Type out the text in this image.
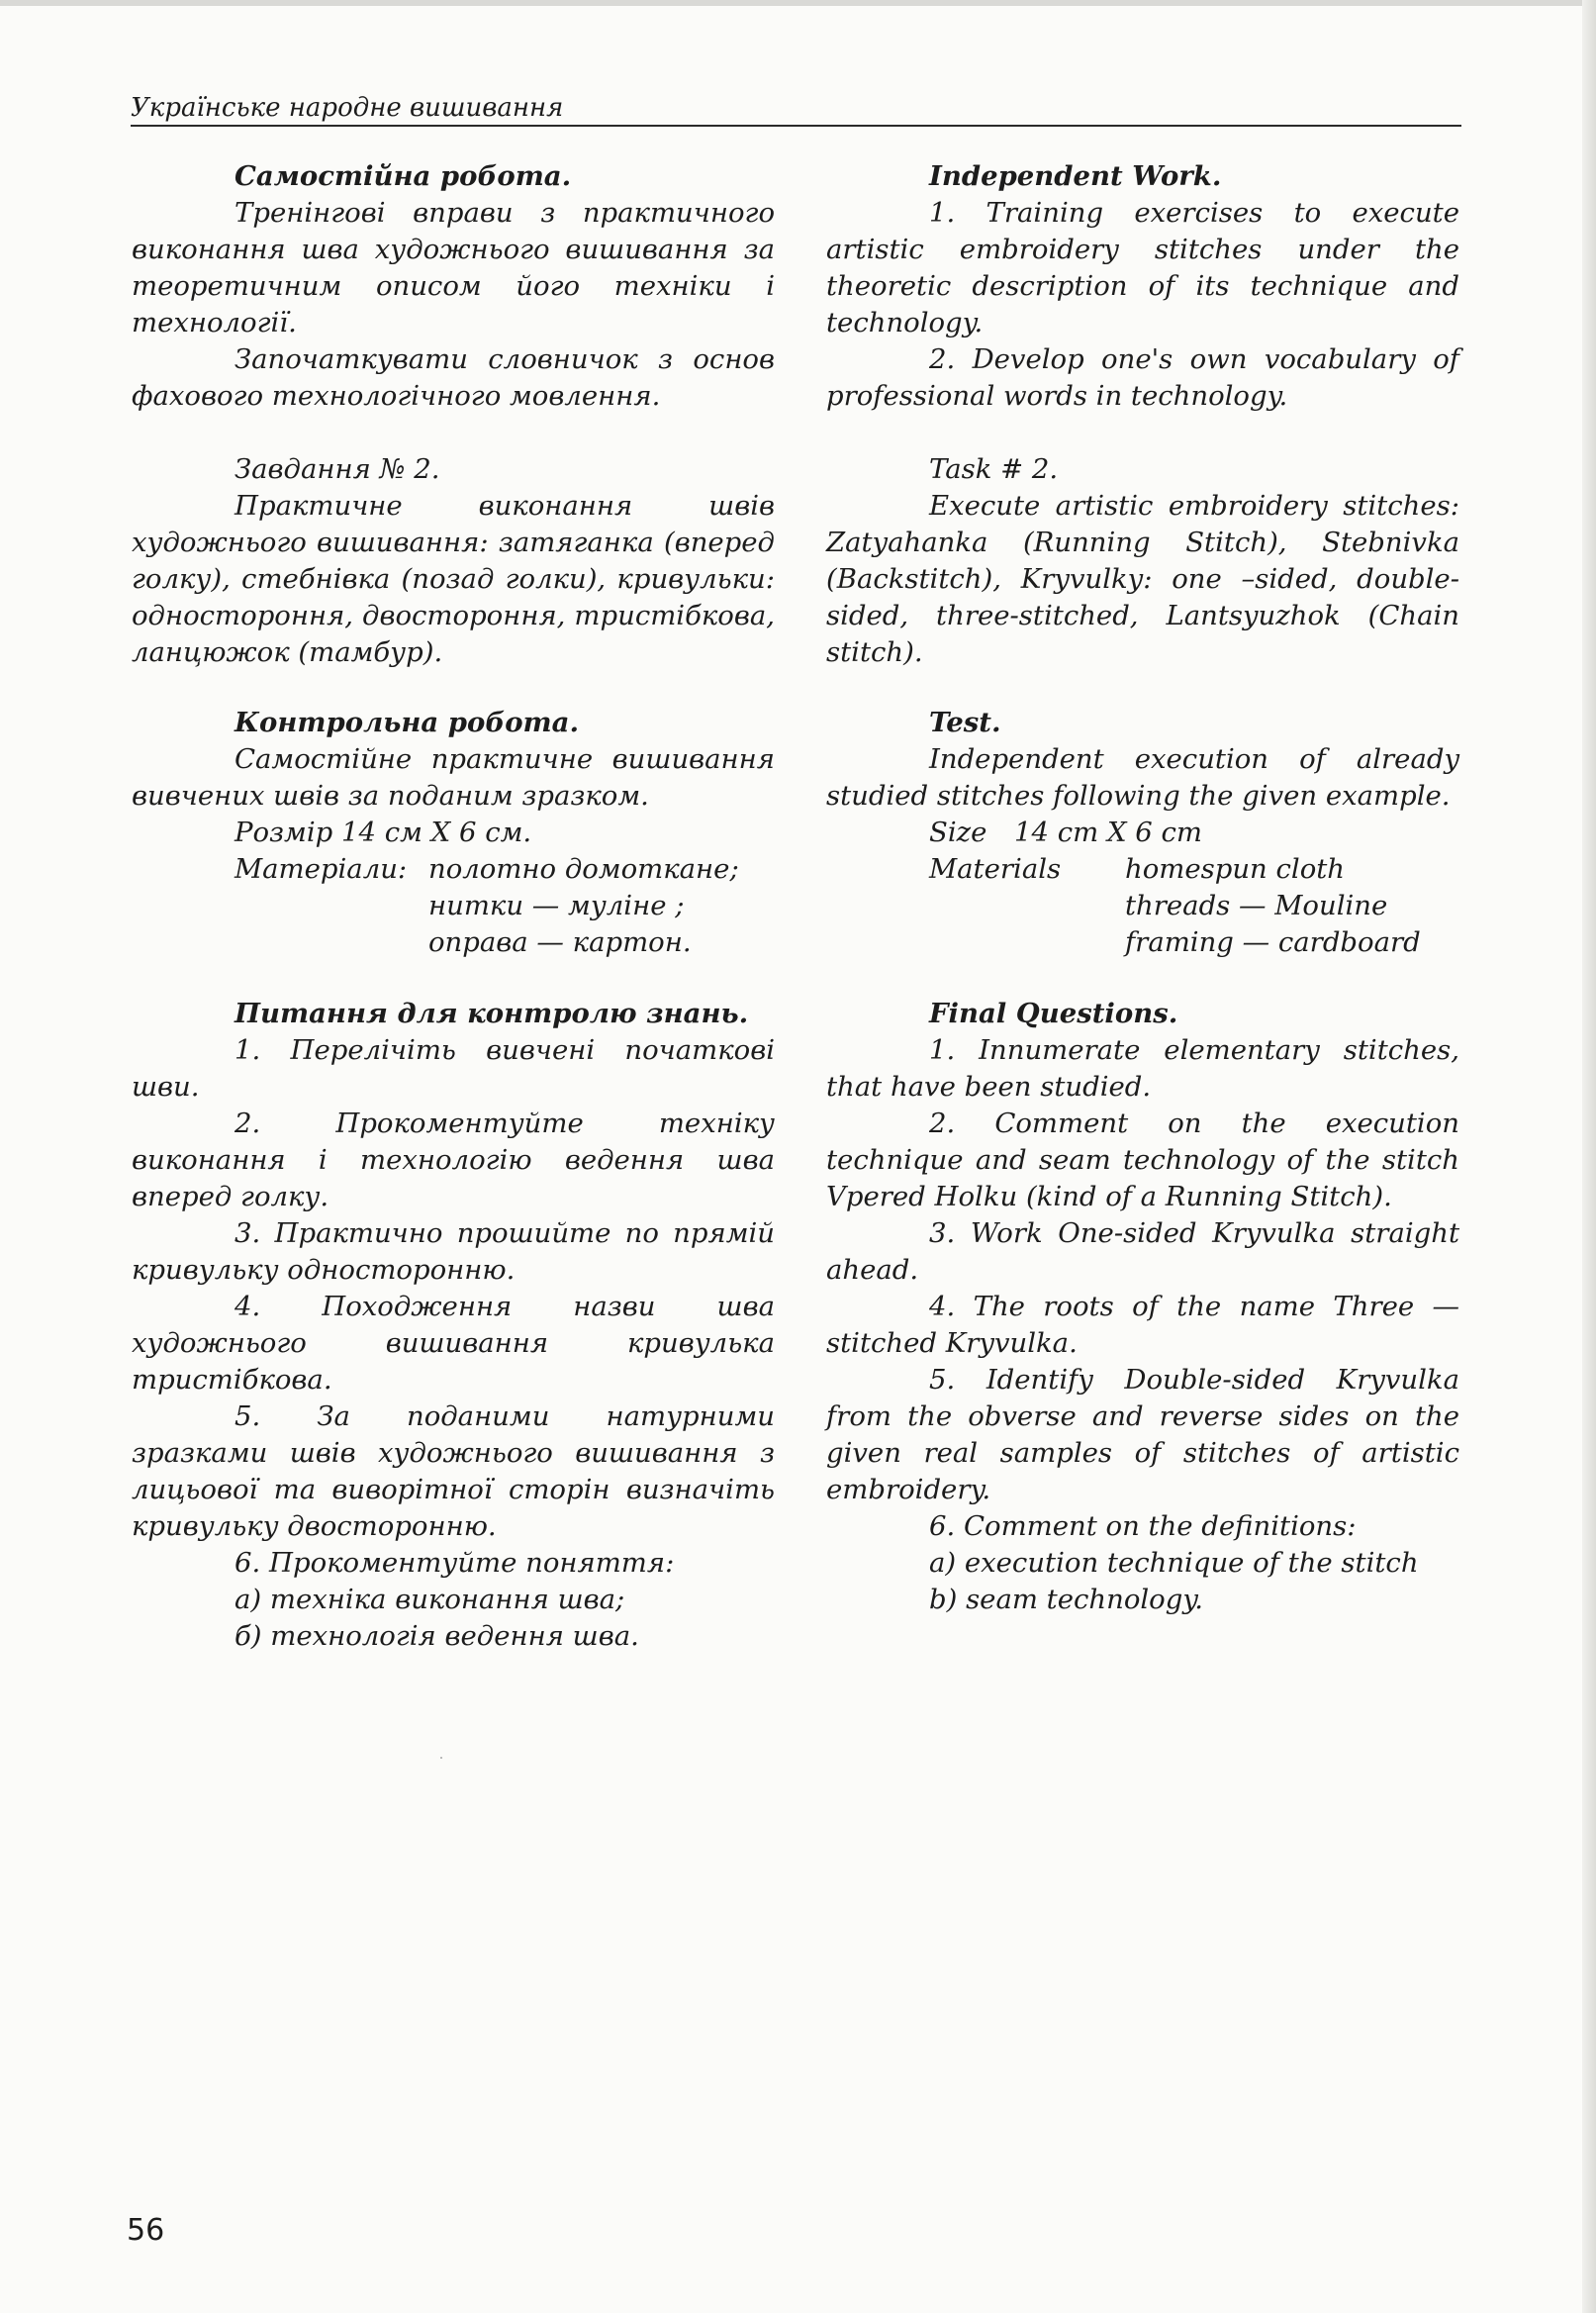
Українське народне вишивання

Самостійна робота.

Тренінгові вправи з практичного виконання шва художнього вишивання за теоретичним описом його техніки і технології.

Започаткувати словничок з основ фахового технологічного мовлення.

Завдання № 2.

Практичне виконання швів художнього вишивання: затяганка (вперед голку), стебнівка (позад голки), кривульки: одностороння, двостороння, тристібкова, ланцюжок (тамбур).

Контрольна робота.

Самостійне практичне вишивання вивчених швів за поданим зразком.

Розмір 14 см Х 6 см.

Матеріали: полотно домоткане;

нитки — муліне ;

оправа — картон.

Питання для контролю знань.

1. Перелічіть вивчені початкові шви.

2. Прокоментуйте техніку виконання і технологію ведення шва вперед голку.

3. Практично прошийте по прямій кривульку односторонню.

4. Походження назви шва художнього вишивання кривулька тристібкова.

5. За поданими натурними зразками швів художнього вишивання з лицьової та виворітної сторін визначіть кривульку двосторонню.

6. Прокоментуйте поняття:

а) техніка виконання шва;

б) технологія ведення шва.

Independent Work.

1. Training exercises to execute artistic embroidery stitches under the theoretic description of its technique and technology.

2. Develop one's own vocabulary of professional words in technology.

Task # 2.

Execute artistic embroidery stitches: Zatyahanka (Running Stitch), Stebnivka (Backstitch), Kryvulky: one –sided, double-sided, three-stitched, Lantsyuzhok (Chain stitch).

Test.

Independent execution of already studied stitches following the given example.

Size	14 cm X 6 cm
Materials	homespun cloth

threads — Mouline

framing — cardboard

Final Questions.

1. Innumerate elementary stitches, that have been studied.

2. Comment on the execution technique and seam technology of the stitch Vpered Holku (kind of a Running Stitch).

3. Work One-sided Kryvulka straight ahead.

4. The roots of the name Three — stitched Kryvulka.

5. Identify Double-sided Kryvulka from the obverse and reverse sides on the given real samples of stitches of artistic embroidery.

6. Comment on the definitions:

a) execution technique of the stitch

b) seam technology.

56
